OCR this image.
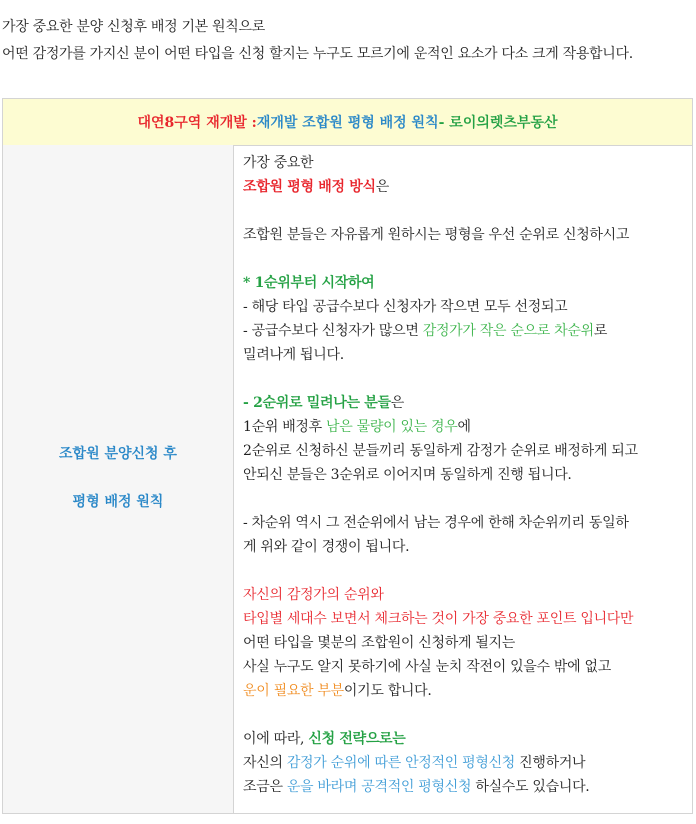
가장 중요한 분양 신청후 배정 기본 원칙으로

어떤 감정가를 가지신 분이 어떤 타입을 신청 할지는 누구도 모르기에 운적인 요소가 다소 크게 작용합니다.

대연8구역 재개발 : 재개발 조합원 평형 배정 원칙 - 로이의렛츠부동산
조합원 분양신청 후
평형 배정 원칙
가장 중요한
조합원 평형 배정 방식은
조합원 분들은 자유롭게 원하시는 평형을 우선 순위로 신청하시고
* 1순위부터 시작하여
- 해당 타입 공급수보다 신청자가 작으면 모두 선정되고
- 공급수보다 신청자가 많으면 감정가가 작은 순으로 차순위로
밀려나게 됩니다.
- 2순위로 밀려나는 분들은
1순위 배정후 남은 물량이 있는 경우에
2순위로 신청하신 분들끼리 동일하게 감정가 순위로 배정하게 되고
안되신 분들은 3순위로 이어지며 동일하게 진행 됩니다.
- 차순위 역시 그 전순위에서 남는 경우에 한해 차순위끼리 동일하
게 위와 같이 경쟁이 됩니다.
자신의 감정가의 순위와
타입별 세대수 보면서 체크하는 것이 가장 중요한 포인트 입니다만
어떤 타입을 몇분의 조합원이 신청하게 될지는
사실 누구도 알지 못하기에 사실 눈치 작전이 있을수 밖에 없고
운이 필요한 부분이기도 합니다.
이에 따라, 신청 전략으로는
자신의 감정가 순위에 따른 안정적인 평형신청 진행하거나
조금은 운을 바라며 공격적인 평형신청 하실수도 있습니다.
